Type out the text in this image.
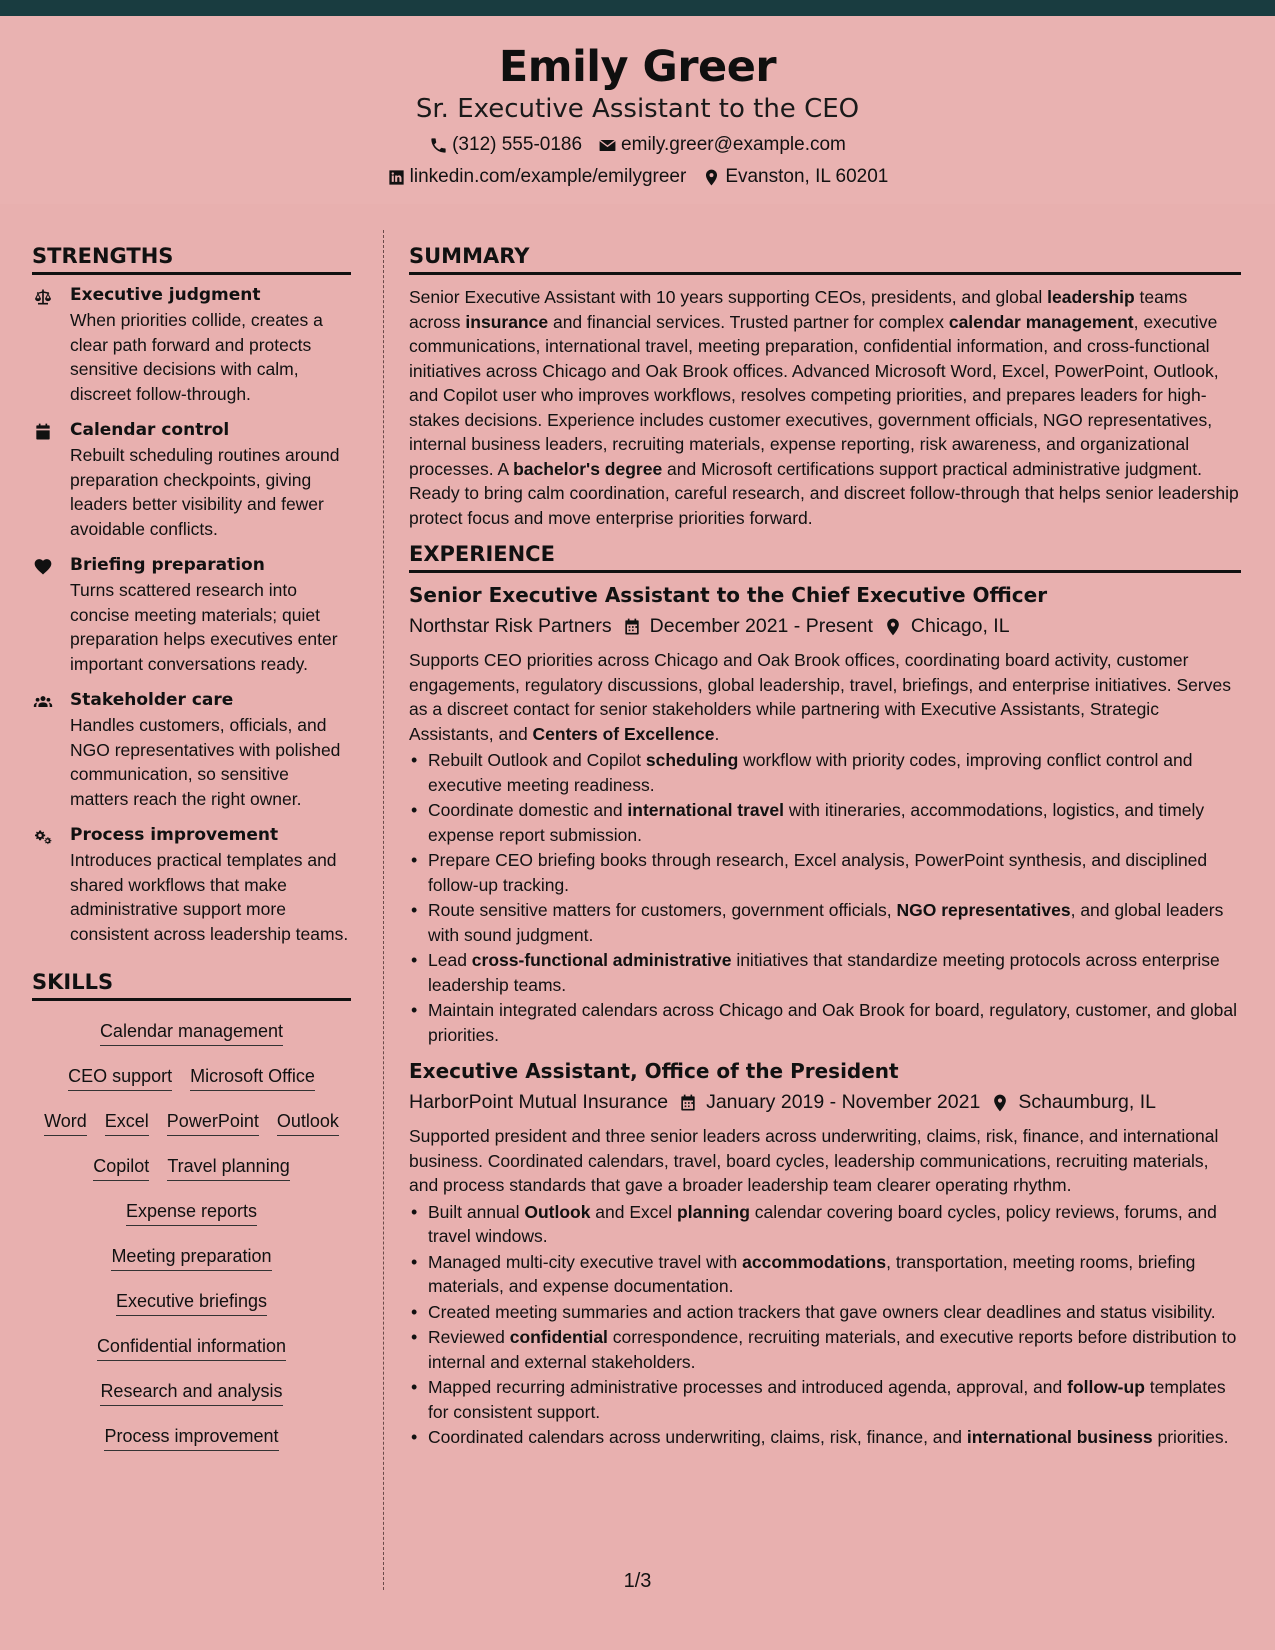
Emily Greer
Sr. Executive Assistant to the CEO
(312) 555-0186 emily.greer@example.com
linkedin.com/example/emilygreer Evanston, IL 60201
STRENGTHS
Executive judgment
When priorities collide, creates a clear path forward and protects sensitive decisions with calm, discreet follow-through.
Calendar control
Rebuilt scheduling routines around preparation checkpoints, giving leaders better visibility and fewer avoidable conflicts.
Briefing preparation
Turns scattered research into concise meeting materials; quiet preparation helps executives enter important conversations ready.
Stakeholder care
Handles customers, officials, and NGO representatives with polished communication, so sensitive matters reach the right owner.
Process improvement
Introduces practical templates and shared workflows that make administrative support more consistent across leadership teams.
SKILLS
Calendar management
CEO support Microsoft Office
Word Excel PowerPoint Outlook
Copilot Travel planning
Expense reports
Meeting preparation
Executive briefings
Confidential information
Research and analysis
Process improvement
SUMMARY
Senior Executive Assistant with 10 years supporting CEOs, presidents, and global leadership teams across insurance and financial services. Trusted partner for complex calendar management, executive communications, international travel, meeting preparation, confidential information, and cross-functional initiatives across Chicago and Oak Brook offices. Advanced Microsoft Word, Excel, PowerPoint, Outlook, and Copilot user who improves workflows, resolves competing priorities, and prepares leaders for high-stakes decisions. Experience includes customer executives, government officials, NGO representatives, internal business leaders, recruiting materials, expense reporting, risk awareness, and organizational processes. A bachelor's degree and Microsoft certifications support practical administrative judgment. Ready to bring calm coordination, careful research, and discreet follow-through that helps senior leadership protect focus and move enterprise priorities forward.
EXPERIENCE
Senior Executive Assistant to the Chief Executive Officer
Northstar Risk Partners December 2021 - Present Chicago, IL
Supports CEO priorities across Chicago and Oak Brook offices, coordinating board activity, customer engagements, regulatory discussions, global leadership, travel, briefings, and enterprise initiatives. Serves as a discreet contact for senior stakeholders while partnering with Executive Assistants, Strategic Assistants, and Centers of Excellence.
• Rebuilt Outlook and Copilot scheduling workflow with priority codes, improving conflict control and executive meeting readiness.
• Coordinate domestic and international travel with itineraries, accommodations, logistics, and timely expense report submission.
• Prepare CEO briefing books through research, Excel analysis, PowerPoint synthesis, and disciplined follow-up tracking.
• Route sensitive matters for customers, government officials, NGO representatives, and global leaders with sound judgment.
• Lead cross-functional administrative initiatives that standardize meeting protocols across enterprise leadership teams.
• Maintain integrated calendars across Chicago and Oak Brook for board, regulatory, customer, and global priorities.
Executive Assistant, Office of the President
HarborPoint Mutual Insurance January 2019 - November 2021 Schaumburg, IL
Supported president and three senior leaders across underwriting, claims, risk, finance, and international business. Coordinated calendars, travel, board cycles, leadership communications, recruiting materials, and process standards that gave a broader leadership team clearer operating rhythm.
• Built annual Outlook and Excel planning calendar covering board cycles, policy reviews, forums, and travel windows.
• Managed multi-city executive travel with accommodations, transportation, meeting rooms, briefing materials, and expense documentation.
• Created meeting summaries and action trackers that gave owners clear deadlines and status visibility.
• Reviewed confidential correspondence, recruiting materials, and executive reports before distribution to internal and external stakeholders.
• Mapped recurring administrative processes and introduced agenda, approval, and follow-up templates for consistent support.
• Coordinated calendars across underwriting, claims, risk, finance, and international business priorities.
1/3
